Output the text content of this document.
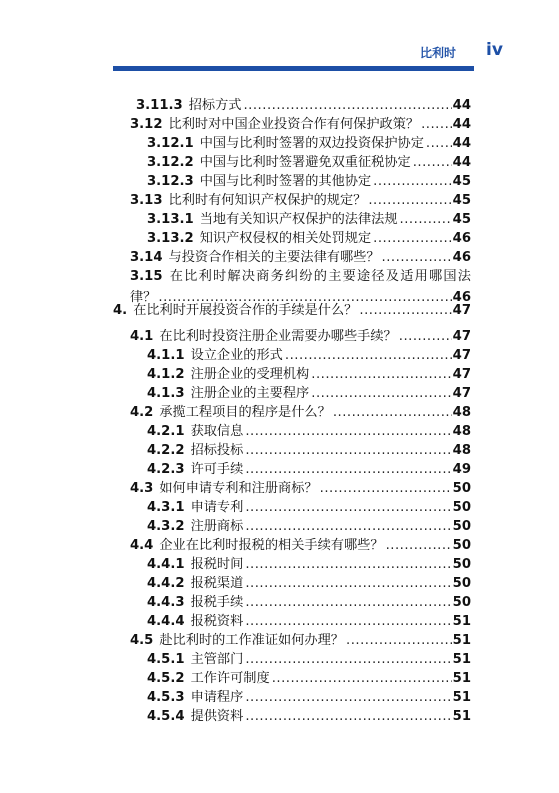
比利时 iv
3.11.3 招标方式 .....	44
3.12 比利时对中国企业投资合作有何保护政策？ .....	44
3.12.1 中国与比利时签署的双边投资保护协定 ..... 44
3.12.2 中国与比利时签署避免双重征税协定 .....	44
3.12.3 中国与比利时签署的其他协定 .....	45
3.13 比利时有何知识产权保护的规定？ .....	45
3.13.1 当地有关知识产权保护的法律法规 .....	45
3.13.2 知识产权侵权的相关处罚规定 .....	46
3.14 与投资合作相关的主要法律有哪些？ .....	46
3.15 在比利时解决商务纠纷的主要途径及适用哪国法
律？ .....	46
4. 在比利时开展投资合作的手续是什么？ .....	47
4.1 在比利时投资注册企业需要办哪些手续？ .....	47
4.1.1 设立企业的形式 .....	47
4.1.2 注册企业的受理机构 .....	47
4.1.3 注册企业的主要程序 .....	47
4.2 承揽工程项目的程序是什么？ .....	48
4.2.1 获取信息 .....	48
4.2.2 招标投标 .....	48
4.2.3 许可手续 .....	49
4.3 如何申请专利和注册商标？ .....	50
4.3.1 申请专利 .....	50
4.3.2 注册商标 .....	50
4.4 企业在比利时报税的相关手续有哪些？ .....	50
4.4.1 报税时间 .....	50
4.4.2 报税渠道 .....	50
4.4.3 报税手续 .....	50
4.4.4 报税资料 .....	51
4.5 赴比利时的工作准证如何办理？ .....	51
4.5.1 主管部门 .....	51
4.5.2 工作许可制度 .....	51
4.5.3 申请程序 .....	51
4.5.4 提供资料 .....	51
